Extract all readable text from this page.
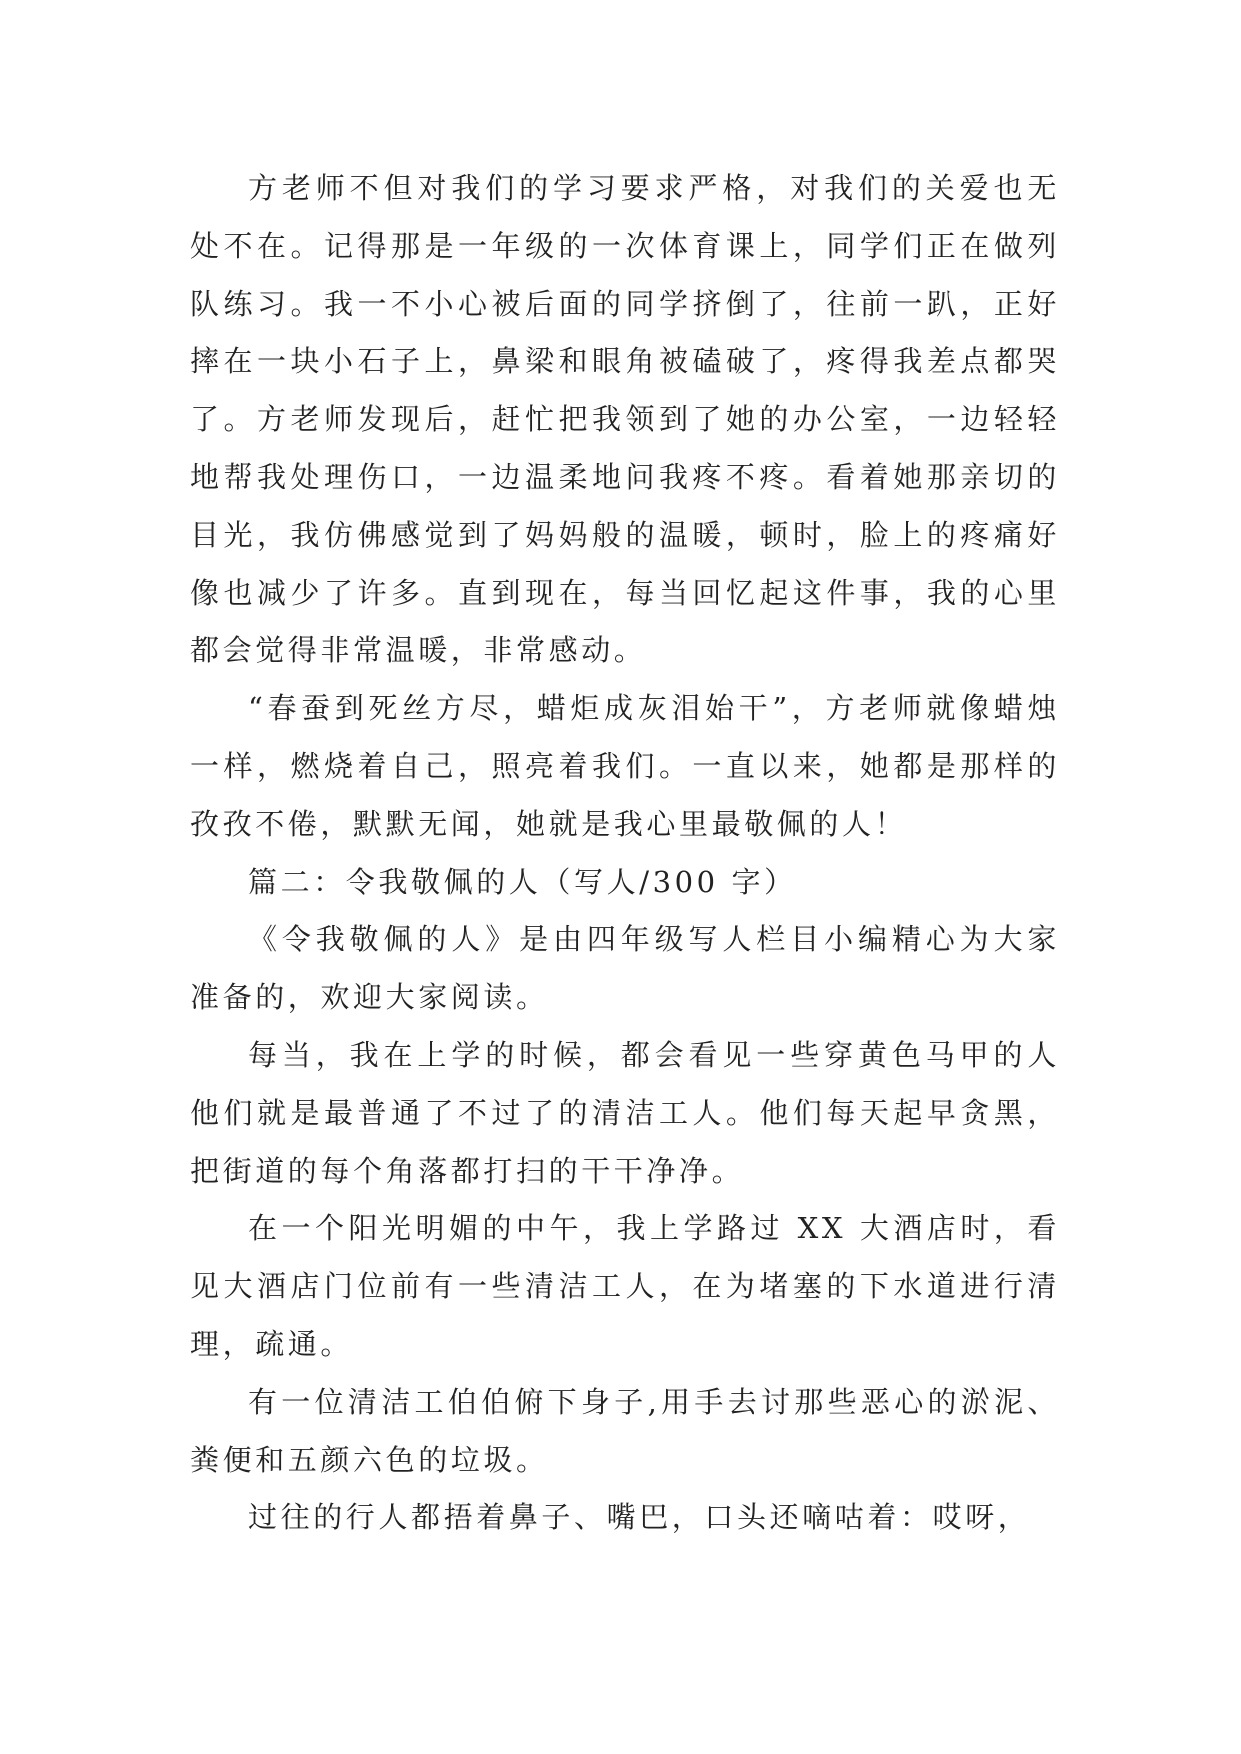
方老师不但对我们的学习要求严格，对我们的关爱也无处不在。记得那是一年级的一次体育课上，同学们正在做列队练习。我一不小心被后面的同学挤倒了，往前一趴，正好摔在一块小石子上，鼻梁和眼角被磕破了，疼得我差点都哭了。方老师发现后，赶忙把我领到了她的办公室，一边轻轻地帮我处理伤口，一边温柔地问我疼不疼。看着她那亲切的目光，我仿佛感觉到了妈妈般的温暖，顿时，脸上的疼痛好像也减少了许多。直到现在，每当回忆起这件事，我的心里都会觉得非常温暖，非常感动。

“春蚕到死丝方尽，蜡炬成灰泪始干”，方老师就像蜡烛一样，燃烧着自己，照亮着我们。一直以来，她都是那样的孜孜不倦，默默无闻，她就是我心里最敬佩的人！

篇二：令我敬佩的人（写人/300 字）

《令我敬佩的人》是由四年级写人栏目小编精心为大家准备的，欢迎大家阅读。

每当，我在上学的时候，都会看见一些穿黄色马甲的人他们就是最普通了不过了的清洁工人。他们每天起早贪黑，把街道的每个角落都打扫的干干净净。

在一个阳光明媚的中午，我上学路过 XX 大酒店时，看见大酒店门位前有一些清洁工人，在为堵塞的下水道进行清理，疏通。

有一位清洁工伯伯俯下身子,用手去讨那些恶心的淤泥、粪便和五颜六色的垃圾。

过往的行人都捂着鼻子、嘴巴，口头还嘀咕着：哎呀，
